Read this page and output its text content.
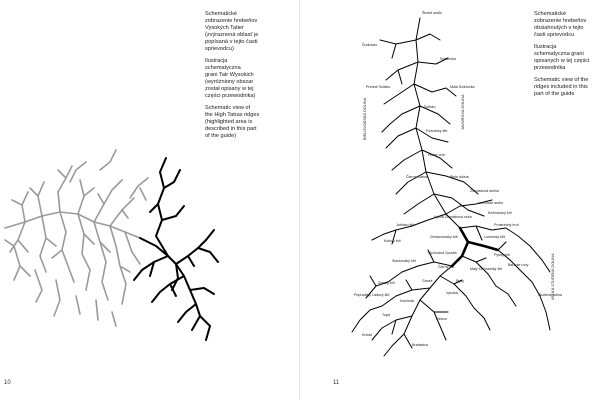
Schematické
zobrazenie hrebeňov
Vysokých Tatier
(zvýraznená oblasť je
popísaná v tejto časti
sprievodcu)

Ilustracja
schematyczna
grani Tatr Wysokich
(wyróżniony obszar
został opisany w tej
części przewodnika)

Schematic view of
the High Tatras ridges
(highlighted area is
described in this part
of the guide)

10
Široké sedlo
Ďurkovec
Svišťovka
Malá Svišťovka
Predné Solisko
Solisko
Furkotský štít
Hrubý vrch
Čierna dolina	Biela dolina
Zlomisková dolina
Lomnické sedlo
Kežmarský štít
Prostredný hrot
Lomnický štít
Pyšný štít
Baranie rohy
Vyšná Zlomisková veža
Gerlachovský štít
Východná Vysoká
Slavkovský štít
Malý Kežmarský štít
Jahňací štít
Kolový štít
Čierny štít
Rysy
Vysoká
Ganek
Zmrzlý štít
Končistá
Tupá
Ostrva
Popradský Ľadový štít
Kriváň
Bradavica
Studená dolina
BIELOVODSKÁ DOLINA	JAVOROVÁ DOLINA
VEĽKÁ STUDENÁ DOLINA

Schematické
zobrazenie hrebeňov
obsiahnutých v tejto
časti sprievodcu

Ilustracja
schematyczna grani
opisanych w tej części
przewodnika

Schematic view of the
ridges included in this
part of the guide

11
